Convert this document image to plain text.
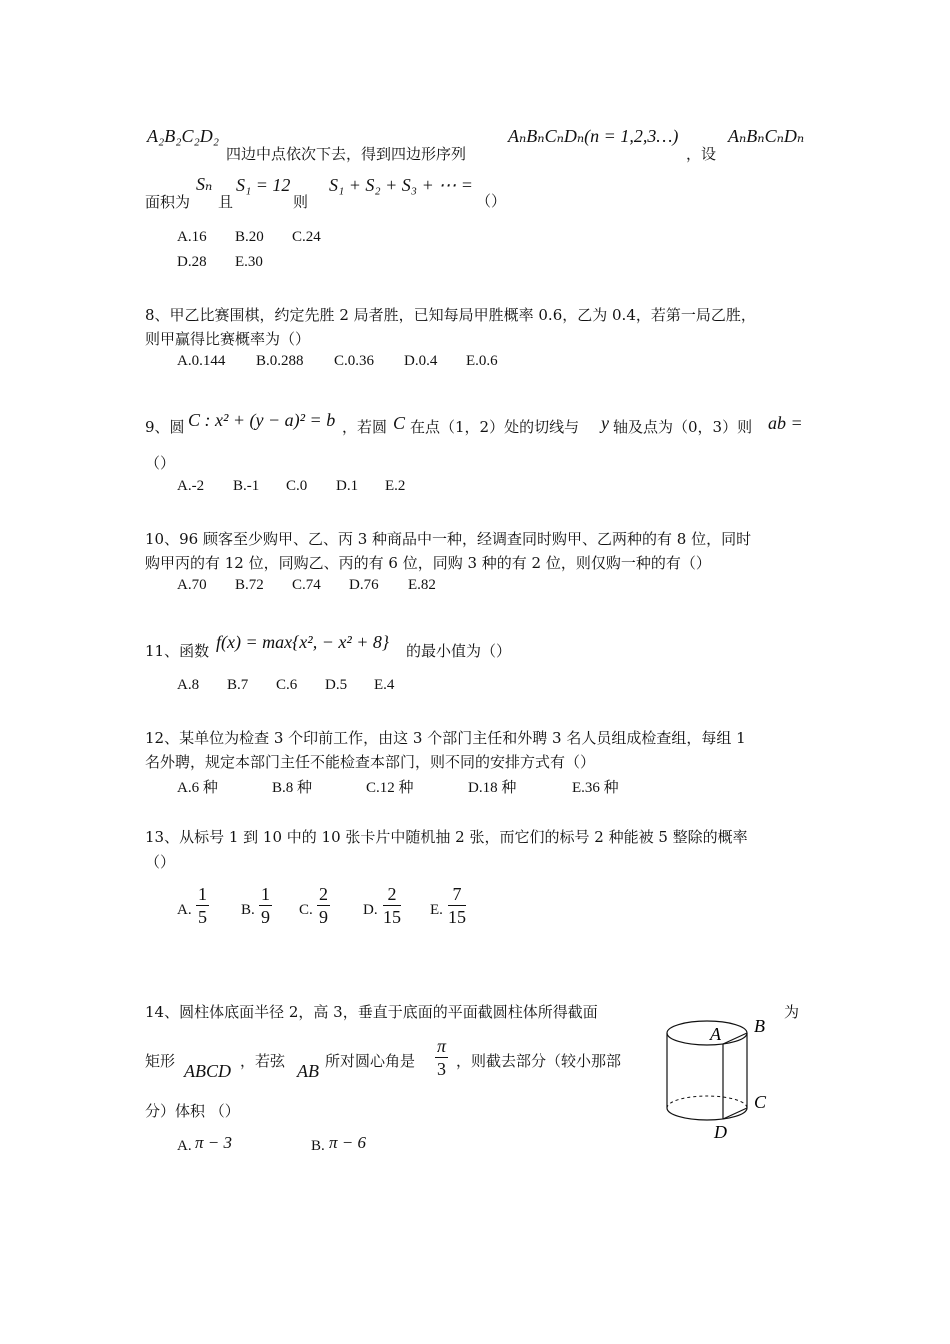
A₂B₂C₂D₂
四边中点依次下去，得到四边形序列
AₙBₙCₙDₙ(n = 1,2,3…)
，设
AₙBₙCₙDₙ
面积为
Sₙ
且
S₁ = 12
则
S₁ + S₂ + S₃ + ⋯ =
（）
A.16 B.20 C.24
D.28 E.30
8、甲乙比赛围棋，约定先胜 2 局者胜，已知每局甲胜概率 0.6，乙为 0.4，若第一局乙胜，
则甲赢得比赛概率为（）
A.0.144 B.0.288 C.0.36 D.0.4 E.0.6
9、圆 C : x² + (y − a)² = b ，若圆 C 在点（1，2）处的切线与 y 轴及点为（0，3）则 ab =
（）
A.-2 B.-1 C.0 D.1 E.2
10、96 顾客至少购甲、乙、丙 3 种商品中一种，经调查同时购甲、乙两种的有 8 位，同时
购甲丙的有 12 位，同购乙、丙的有 6 位，同购 3 种的有 2 位，则仅购一种的有（）
A.70 B.72 C.74 D.76 E.82
11、函数 f(x) = max{x², − x² + 8} 的最小值为（）
A.8 B.7 C.6 D.5 E.4
12、某单位为检查 3 个印前工作，由这 3 个部门主任和外聘 3 名人员组成检查组，每组 1
名外聘，规定本部门主任不能检查本部门，则不同的安排方式有（）
A.6 种	B.8 种	C.12 种	D.18 种	E.36 种
13、从标号 1 到 10 中的 10 张卡片中随机抽 2 张，而它们的标号 2 种能被 5 整除的概率
（）
A. $\frac{1}{5} B$. $\frac{1}{9} C$. $\frac{2}{9} D$. $\frac{2}{15} E$. $\frac{7}{15}$
14、圆柱体底面半径 2，高 3，垂直于底面的平面截圆柱体所得截面	为
矩形 ABCD ，若弦 AB 所对圆心角是 $\frac{\pi}{3}$ ，则截去部分（较小那部
分）体积 （）
A. π − 3	B. π − 6
A B
C
D
